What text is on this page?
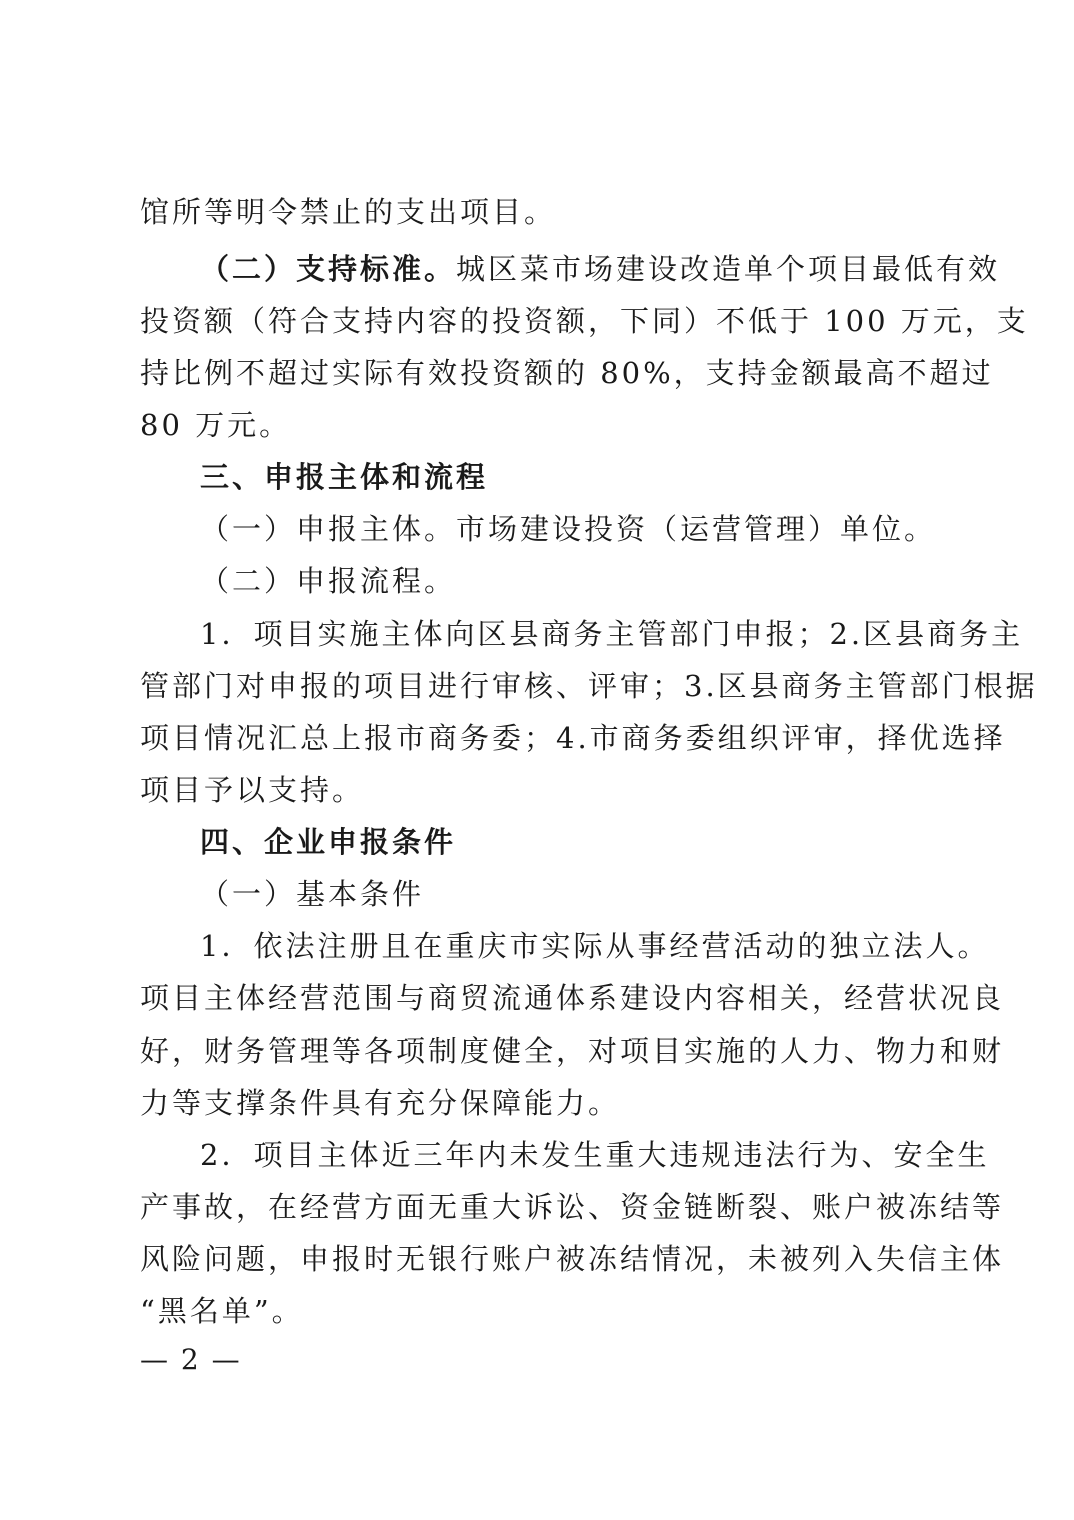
馆所等明令禁止的支出项目。
（二）支持标准。城区菜市场建设改造单个项目最低有效
投资额（符合支持内容的投资额，下同）不低于 100 万元，支
持比例不超过实际有效投资额的 80%，支持金额最高不超过
80 万元。
三、申报主体和流程
（一）申报主体。市场建设投资（运营管理）单位。
（二）申报流程。
1．项目实施主体向区县商务主管部门申报；2.区县商务主
管部门对申报的项目进行审核、评审；3.区县商务主管部门根据
项目情况汇总上报市商务委；4.市商务委组织评审，择优选择
项目予以支持。
四、企业申报条件
（一）基本条件
1．依法注册且在重庆市实际从事经营活动的独立法人。
项目主体经营范围与商贸流通体系建设内容相关，经营状况良
好，财务管理等各项制度健全，对项目实施的人力、物力和财
力等支撑条件具有充分保障能力。
2．项目主体近三年内未发生重大违规违法行为、安全生
产事故，在经营方面无重大诉讼、资金链断裂、账户被冻结等
风险问题，申报时无银行账户被冻结情况，未被列入失信主体
“黑名单”。
— 2 —
